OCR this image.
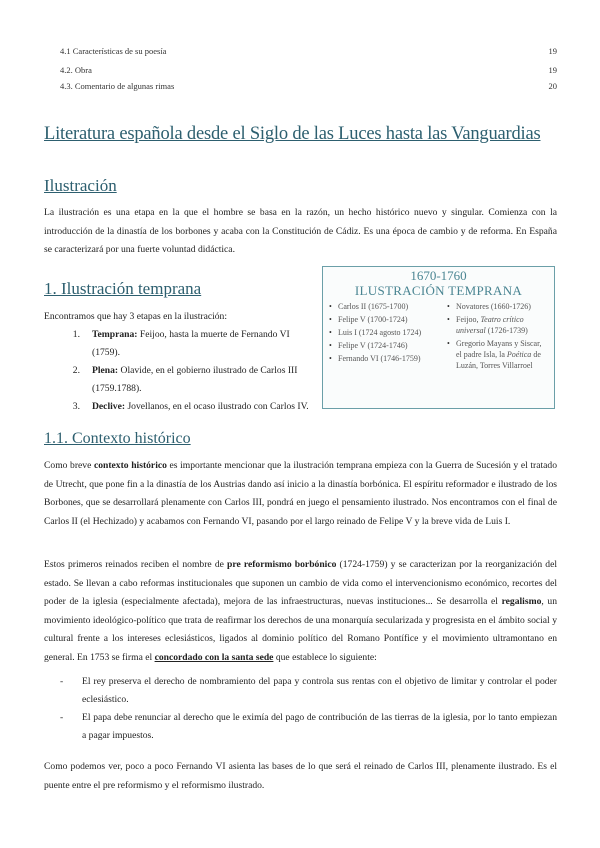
4.1 Características de su poesía	19
4.2. Obra	19
4.3. Comentario de algunas rimas	20
Literatura española desde el Siglo de las Luces hasta las Vanguardias
Ilustración

La ilustración es una etapa en la que el hombre se basa en la razón, un hecho histórico nuevo y singular. Comienza con la introducción de la dinastía de los borbones y acaba con la Constitución de Cádiz. Es una época de cambio y de reforma. En España se caracterizará por una fuerte voluntad didáctica.

1. Ilustración temprana
Encontramos que hay 3 etapas en la ilustración:
1.	Temprana: Feijoo, hasta la muerte de Fernando VI (1759).
2.	Plena: Olavide, en el gobierno ilustrado de Carlos III (1759.1788).
3.	Declive: Jovellanos, en el ocaso ilustrado con Carlos IV.
1670-1760
ILUSTRACIÓN TEMPRANA
• Carlos II (1675-1700)
• Felipe V (1700-1724)
• Luis I (1724 agosto 1724)
• Felipe V (1724-1746)
• Fernando VI (1746-1759)
• Novatores (1660-1726)
• Feijoo, Teatro crítico universal (1726-1739)
• Gregorio Mayans y Siscar, el padre Isla, la Poética de Luzán, Torres Villarroel
1.1. Contexto histórico

Como breve contexto histórico es importante mencionar que la ilustración temprana empieza con la Guerra de Sucesión y el tratado de Utrecht, que pone fin a la dinastía de los Austrias dando así inicio a la dinastía borbónica. El espíritu reformador e ilustrado de los Borbones, que se desarrollará plenamente con Carlos III, pondrá en juego el pensamiento ilustrado. Nos encontramos con el final de Carlos II (el Hechizado) y acabamos con Fernando VI, pasando por el largo reinado de Felipe V y la breve vida de Luis I.

Estos primeros reinados reciben el nombre de pre reformismo borbónico (1724-1759) y se caracterizan por la reorganización del estado. Se llevan a cabo reformas institucionales que suponen un cambio de vida como el intervencionismo económico, recortes del poder de la iglesia (especialmente afectada), mejora de las infraestructuras, nuevas instituciones... Se desarrolla el regalismo, un movimiento ideológico-político que trata de reafirmar los derechos de una monarquía secularizada y progresista en el ámbito social y cultural frente a los intereses eclesiásticos, ligados al dominio político del Romano Pontífice y el movimiento ultramontano en general. En 1753 se firma el concordado con la santa sede que establece lo siguiente:

- El rey preserva el derecho de nombramiento del papa y controla sus rentas con el objetivo de limitar y controlar el poder eclesiástico.
- El papa debe renunciar al derecho que le eximía del pago de contribución de las tierras de la iglesia, por lo tanto empiezan a pagar impuestos.

Como podemos ver, poco a poco Fernando VI asienta las bases de lo que será el reinado de Carlos III, plenamente ilustrado. Es el puente entre el pre reformismo y el reformismo ilustrado.
